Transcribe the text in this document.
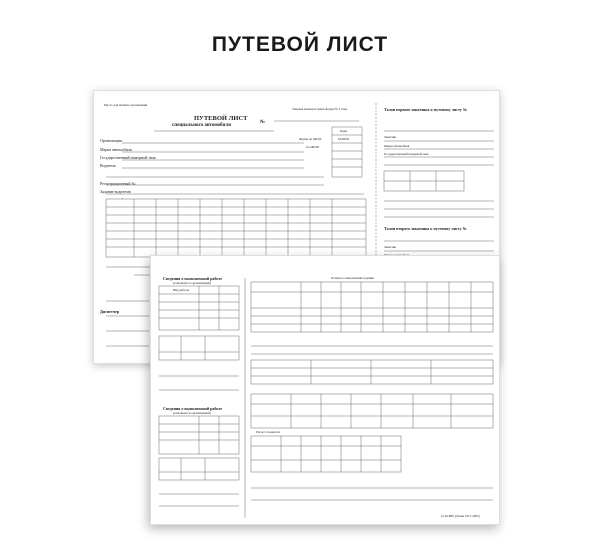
ПУТЕВОЙ ЛИСТ
Место для штампа организации
ПУТЕВОЙ ЛИСТ
специального автомобиля
№
Типовая межотраслевая форма № 3 спец.
Коды
Форма по ОКУД	0345002
по ОКПО
Организация
Марка автомобиля
Государственный номерной знак
Водитель
Регистрационный №
Задание водителю
Диспетчер
Талон первого заказчика к путевому листу №
Заказчик
Марка автомобиля
Государственный номерной знак
Талон второго заказчика к путевому листу №
Заказчик
Сведения о выполненной работе
(заполняется организацией)
Вид работы
Сведения о выполненной работе
(заполняется организацией)
Отметка о выполнении задания
Расчет стоимости
(3 АСФН, (бланк 1017-2005)
